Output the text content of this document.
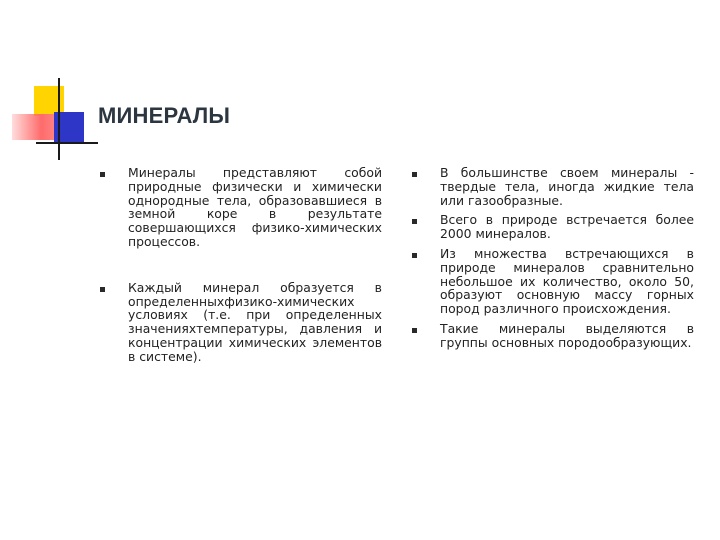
МИНЕРАЛЫ
Минералы представляют собой природные физически и химически однородные тела, образовавшиеся в земной коре в результате совершающихся физико-химических процессов.
Каждый минерал образуется в определенныхфизико-химических условиях (т.е. при определенных значенияхтемпературы, давления и концентрации химических элементов в системе).
В большинстве своем минералы - твердые тела, иногда жидкие тела или газообразные.
Всего в природе встречается более 2000 минералов.
Из множества встречающихся в природе минералов сравнительно небольшое их количество, около 50, образуют основную массу горных пород различного происхождения.
Такие минералы выделяются в группы основных породообразующих.
